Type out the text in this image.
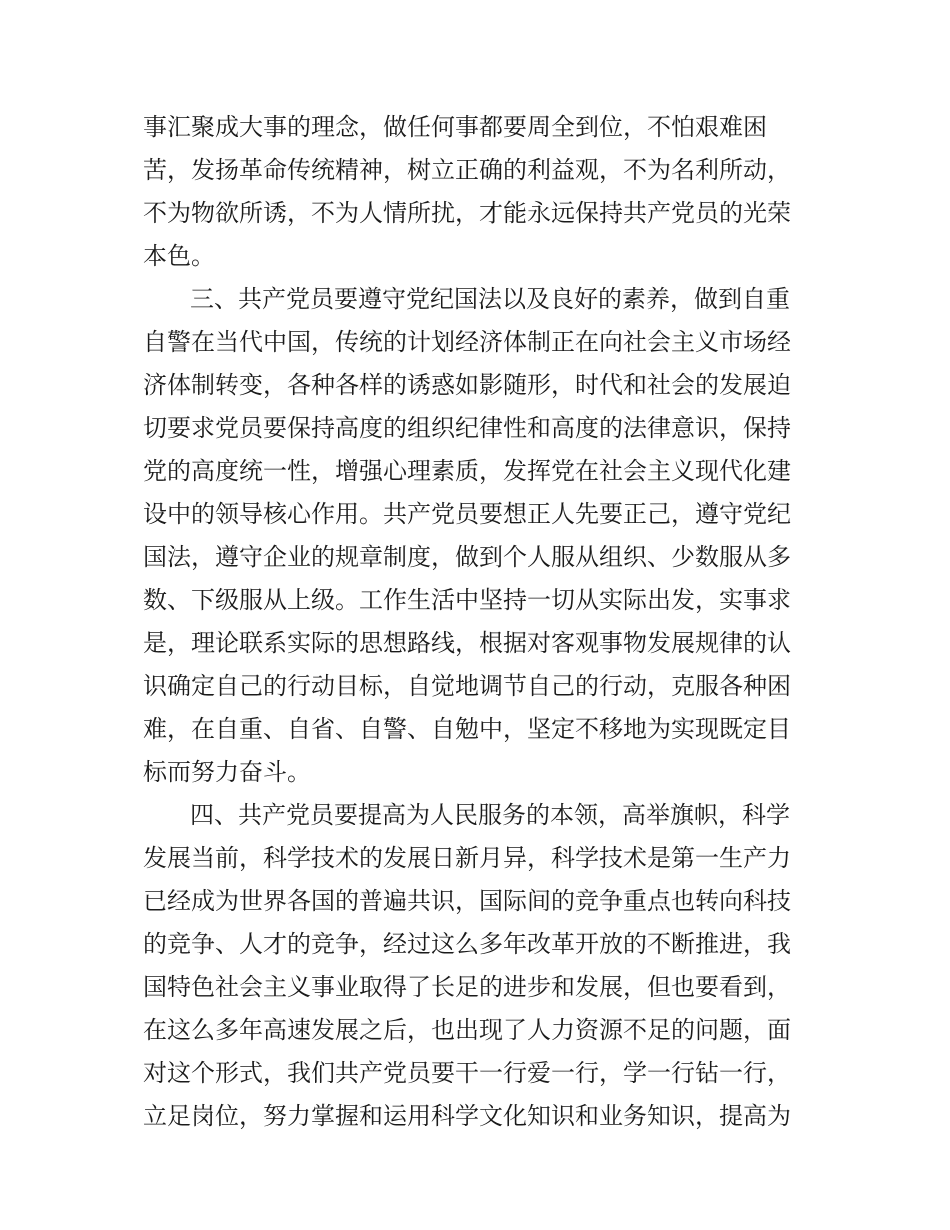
事汇聚成大事的理念，做任何事都要周全到位，不怕艰难困
苦，发扬革命传统精神，树立正确的利益观，不为名利所动，
不为物欲所诱，不为人情所扰，才能永远保持共产党员的光荣
本色。
三、共产党员要遵守党纪国法以及良好的素养，做到自重
自警在当代中国，传统的计划经济体制正在向社会主义市场经
济体制转变，各种各样的诱惑如影随形，时代和社会的发展迫
切要求党员要保持高度的组织纪律性和高度的法律意识，保持
党的高度统一性，增强心理素质，发挥党在社会主义现代化建
设中的领导核心作用。共产党员要想正人先要正己，遵守党纪
国法，遵守企业的规章制度，做到个人服从组织、少数服从多
数、下级服从上级。工作生活中坚持一切从实际出发，实事求
是，理论联系实际的思想路线，根据对客观事物发展规律的认
识确定自己的行动目标，自觉地调节自己的行动，克服各种困
难，在自重、自省、自警、自勉中，坚定不移地为实现既定目
标而努力奋斗。
四、共产党员要提高为人民服务的本领，高举旗帜，科学
发展当前，科学技术的发展日新月异，科学技术是第一生产力
已经成为世界各国的普遍共识，国际间的竞争重点也转向科技
的竞争、人才的竞争，经过这么多年改革开放的不断推进，我
国特色社会主义事业取得了长足的进步和发展，但也要看到，
在这么多年高速发展之后，也出现了人力资源不足的问题，面
对这个形式，我们共产党员要干一行爱一行，学一行钻一行，
立足岗位，努力掌握和运用科学文化知识和业务知识，提高为
